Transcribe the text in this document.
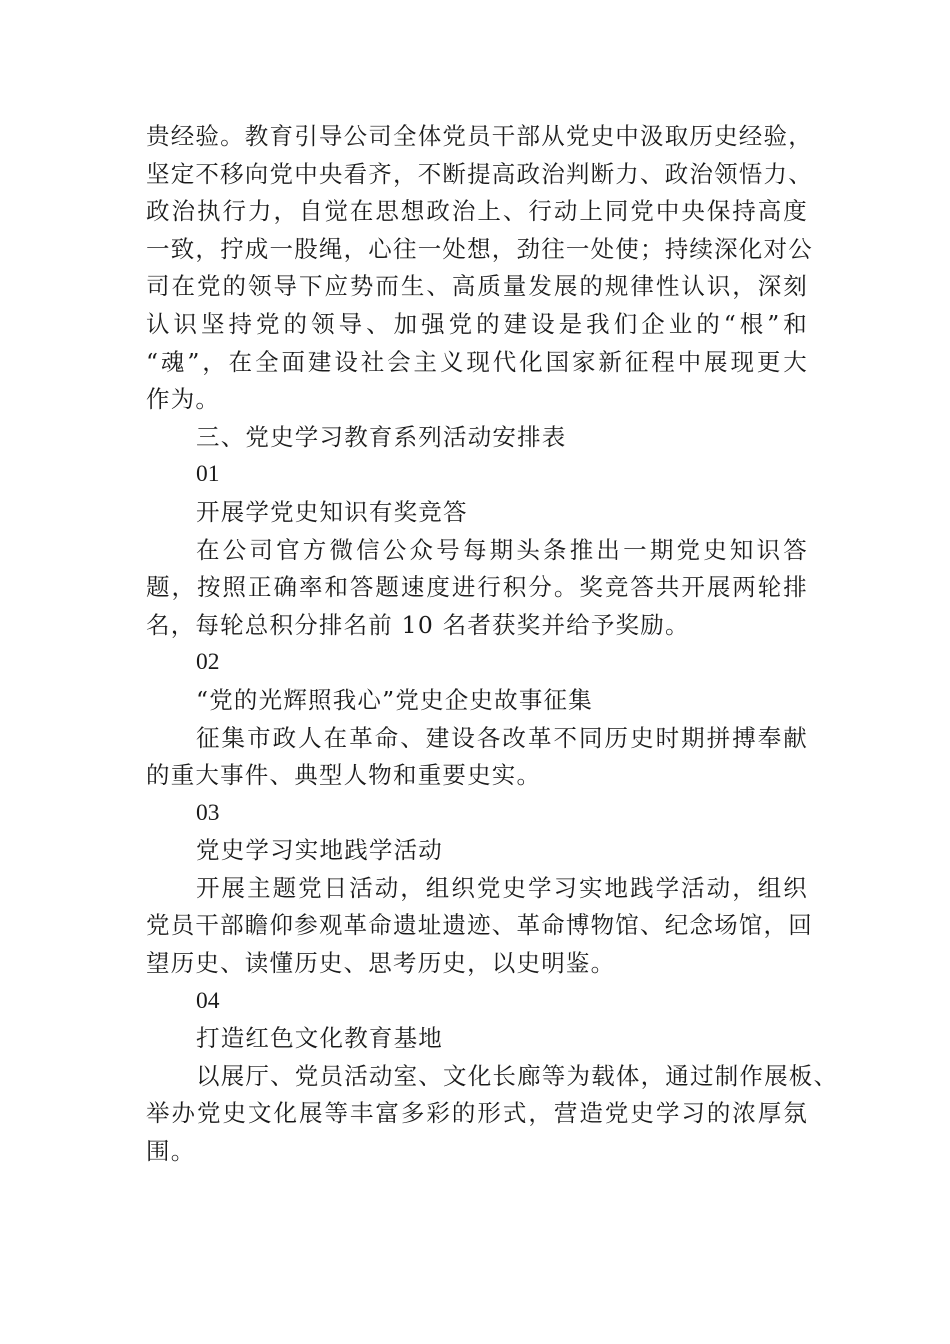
贵经验。教育引导公司全体党员干部从党史中汲取历史经验，
坚定不移向党中央看齐，不断提高政治判断力、政治领悟力、
政治执行力，自觉在思想政治上、行动上同党中央保持高度
一致，拧成一股绳，心往一处想，劲往一处使；持续深化对公
司在党的领导下应势而生、高质量发展的规律性认识，深刻
认识坚持党的领导、加强党的建设是我们企业的“根”和
“魂”，在全面建设社会主义现代化国家新征程中展现更大
作为。
三、党史学习教育系列活动安排表
01
开展学党史知识有奖竞答
在公司官方微信公众号每期头条推出一期党史知识答
题，按照正确率和答题速度进行积分。奖竞答共开展两轮排
名，每轮总积分排名前 10 名者获奖并给予奖励。
02
“党的光辉照我心”党史企史故事征集
征集市政人在革命、建设各改革不同历史时期拼搏奉献
的重大事件、典型人物和重要史实。
03
党史学习实地践学活动
开展主题党日活动，组织党史学习实地践学活动，组织
党员干部瞻仰参观革命遗址遗迹、革命博物馆、纪念场馆，回
望历史、读懂历史、思考历史，以史明鉴。
04
打造红色文化教育基地
以展厅、党员活动室、文化长廊等为载体，通过制作展板、
举办党史文化展等丰富多彩的形式，营造党史学习的浓厚氛
围。
